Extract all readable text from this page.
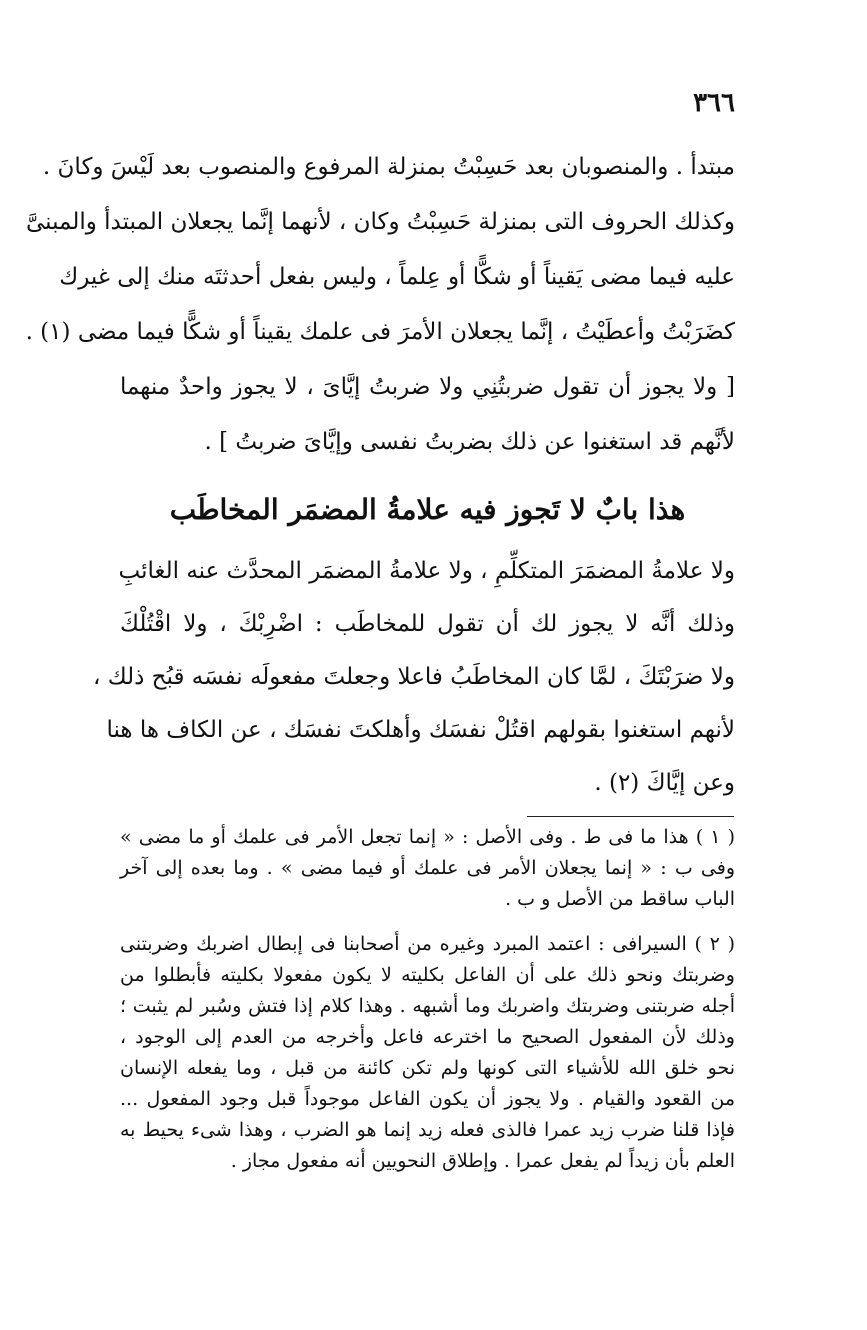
٣٦٦
مبتدأ . والمنصوبان بعد حَسِبْتُ بمنزلة المرفوع والمنصوب بعد لَيْسَ وكانَ .
وكذلك الحروف التى بمنزلة حَسِبْتُ وكان ، لأنهما إنَّما يجعلان المبتدأ والمبنىَّ
عليه فيما مضى يَقيناً أو شكًّا أو عِلماً ، وليس بفعل أحدثتَه منك إلى غيرك
كضَرَبْتُ وأعطَيْتُ ، إنَّما يجعلان الأمرَ فى علمك يقيناً أو شكًّا فيما مضى (١) .
[ ولا يجوز أن تقول ضربتُنِي ولا ضربتُ إيَّاىَ ، لا يجوز واحدٌ منهما
لأنَّهم قد استغنوا عن ذلك بضربتُ نفسى وإيَّاىَ ضربتُ ] .
هذا بابٌ لا تَجوز فيه علامةُ المضمَر المخاطَب
ولا علامةُ المضمَرَ المتكلِّمِ ، ولا علامةُ المضمَر المحدَّث عنه الغائبِ
وذلك أنَّه لا يجوز لك أن تقول للمخاطَب : اضْرِبْكَ ، ولا اقْتُلْكَ
ولا ضرَبْتَكَ ، لمَّا كان المخاطَبُ فاعلا وجعلتَ مفعولَه نفسَه قبُح ذلك ،
لأنهم استغنوا بقولهم اقتُلْ نفسَك وأهلكتَ نفسَك ، عن الكاف ها هنا
وعن إيَّاكَ (٢) .
( ١ ) هذا ما فى ط . وفى الأصل : « إنما تجعل الأمر فى علمك أو ما مضى »
وفى ب : « إنما يجعلان الأمر فى علمك أو فيما مضى » . وما بعده إلى آخر
الباب ساقط من الأصل و ب .
( ٢ ) السيرافى : اعتمد المبرد وغيره من أصحابنا فى إبطال اضربك وضربتنى
وضربتك ونحو ذلك على أن الفاعل بكليته لا يكون مفعولا بكليته فأبطلوا من
أجله ضربتنى وضربتك واضربك وما أشبهه . وهذا كلام إذا فتش وسُبر لم يثبت ؛
وذلك لأن المفعول الصحيح ما اخترعه فاعل وأخرجه من العدم إلى الوجود ،
نحو خلق الله للأشياء التى كونها ولم تكن كائنة من قبل ، وما يفعله الإنسان
من القعود والقيام . ولا يجوز أن يكون الفاعل موجوداً قبل وجود المفعول ...
فإذا قلنا ضرب زيد عمرا فالذى فعله زيد إنما هو الضرب ، وهذا شىء يحيط به
العلم بأن زيداً لم يفعل عمرا . وإطلاق النحويين أنه مفعول مجاز .
